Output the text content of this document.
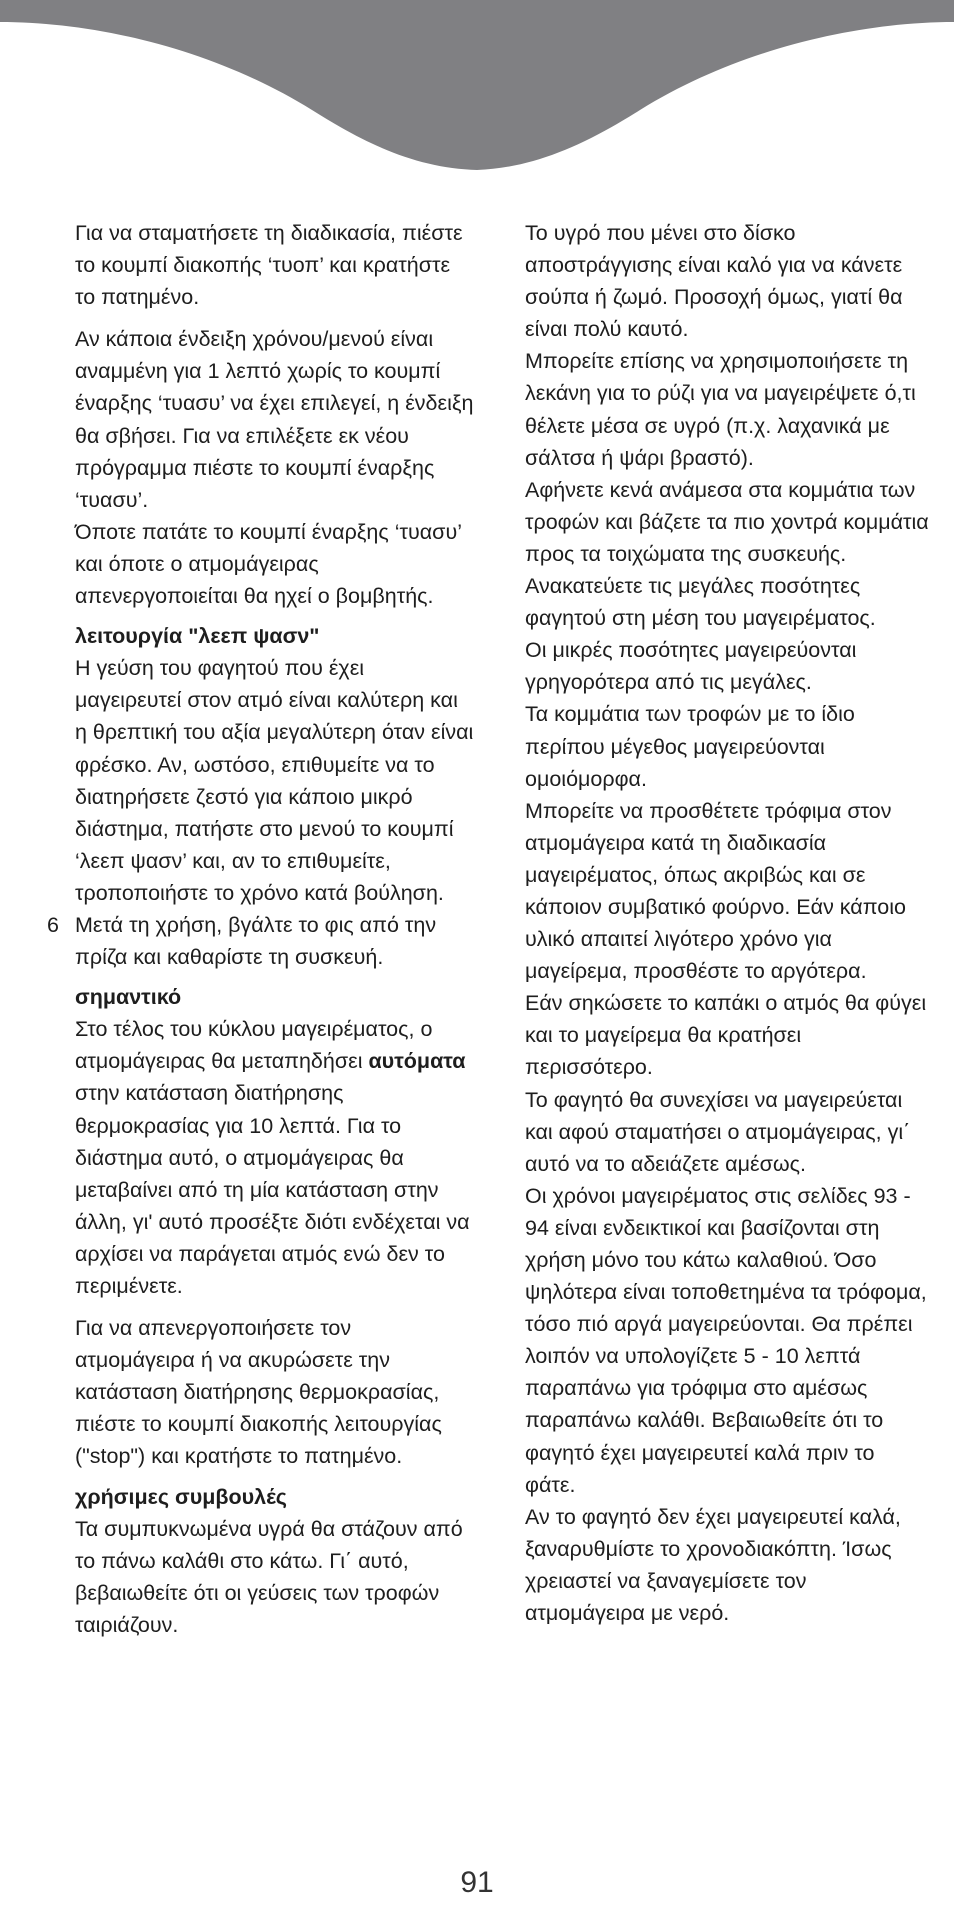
Για να σταματήσετε τη διαδικασία, πιέστε το κουμπί διακοπής ‘τυοπ’ και κρατήστε το πατημένο.

Αν κάποια ένδειξη χρόνου/μενού είναι αναμμένη για 1 λεπτό χωρίς το κουμπί έναρξης ‘τυασυ’ να έχει επιλεγεί, η ένδειξη θα σβήσει. Για να επιλέξετε εκ νέου πρόγραμμα πιέστε το κουμπί έναρξης ‘τυασυ’.

Όποτε πατάτε το κουμπί έναρξης ‘τυασυ’ και όποτε ο ατμομάγειρας απενεργοποιείται θα ηχεί ο βομβητής.

λειτουργία "λεεπ ψασν"

Η γεύση του φαγητού που έχει μαγειρευτεί στον ατμό είναι καλύτερη και η θρεπτική του αξία μεγαλύτερη όταν είναι φρέσκο. Αν, ωστόσο, επιθυμείτε να το διατηρήσετε ζεστό για κάποιο μικρό διάστημα, πατήστε στο μενού το κουμπί ‘λεεπ ψασν’ και, αν το επιθυμείτε, τροποποιήστε το χρόνο κατά βούληση.

6 Μετά τη χρήση, βγάλτε το φις από την πρίζα και καθαρίστε τη συσκευή.

σημαντικό

Στο τέλος του κύκλου μαγειρέματος, ο ατμομάγειρας θα μεταπηδήσει αυτόματα στην κατάσταση διατήρησης θερμοκρασίας για 10 λεπτά. Για το διάστημα αυτό, ο ατμομάγειρας θα μεταβαίνει από τη μία κατάσταση στην άλλη, γι' αυτό προσέξτε διότι ενδέχεται να αρχίσει να παράγεται ατμός ενώ δεν το περιμένετε.

Για να απενεργοποιήσετε τον ατμομάγειρα ή να ακυρώσετε την κατάσταση διατήρησης θερμοκρασίας, πιέστε το κουμπί διακοπής λειτουργίας ("stop") και κρατήστε το πατημένο.

χρήσιμες συμβουλές

Τα συμπυκνωμένα υγρά θα στάζουν από το πάνω καλάθι στο κάτω. Γι΄ αυτό, βεβαιωθείτε ότι οι γεύσεις των τροφών ταιριάζουν.

Το υγρό που μένει στο δίσκο αποστράγγισης είναι καλό για να κάνετε σούπα ή ζωμό. Προσοχή όμως, γιατί θα είναι πολύ καυτό.

Μπορείτε επίσης να χρησιμοποιήσετε τη λεκάνη για το ρύζι για να μαγειρέψετε ό,τι θέλετε μέσα σε υγρό (π.χ. λαχανικά με σάλτσα ή ψάρι βραστό).

Αφήνετε κενά ανάμεσα στα κομμάτια των τροφών και βάζετε τα πιο χοντρά κομμάτια προς τα τοιχώματα της συσκευής.

Ανακατεύετε τις μεγάλες ποσότητες φαγητού στη μέση του μαγειρέματος.

Οι μικρές ποσότητες μαγειρεύονται γρηγορότερα από τις μεγάλες.

Τα κομμάτια των τροφών με το ίδιο περίπου μέγεθος μαγειρεύονται ομοιόμορφα.

Μπορείτε να προσθέτετε τρόφιμα στον ατμομάγειρα κατά τη διαδικασία μαγειρέματος, όπως ακριβώς και σε κάποιον συμβατικό φούρνο. Εάν κάποιο υλικό απαιτεί λιγότερο χρόνο για μαγείρεμα, προσθέστε το αργότερα.

Εάν σηκώσετε το καπάκι ο ατμός θα φύγει και το μαγείρεμα θα κρατήσει περισσότερο.

Το φαγητό θα συνεχίσει να μαγειρεύεται και αφού σταματήσει ο ατμομάγειρας, γι΄ αυτό να το αδειάζετε αμέσως.

Οι χρόνοι μαγειρέματος στις σελίδες 93 - 94 είναι ενδεικτικοί και βασίζονται στη χρήση μόνο του κάτω καλαθιού. Όσο ψηλότερα είναι τοποθετημένα τα τρόφομα, τόσο πιό αργά μαγειρεύονται. Θα πρέπει λοιπόν να υπολογίζετε 5 - 10 λεπτά παραπάνω για τρόφιμα στο αμέσως παραπάνω καλάθι. Βεβαιωθείτε ότι το φαγητό έχει μαγειρευτεί καλά πριν το φάτε.

Αν το φαγητό δεν έχει μαγειρευτεί καλά, ξαναρυθμίστε το χρονοδιακόπτη. Ίσως χρειαστεί να ξαναγεμίσετε τον ατμομάγειρα με νερό.

91
